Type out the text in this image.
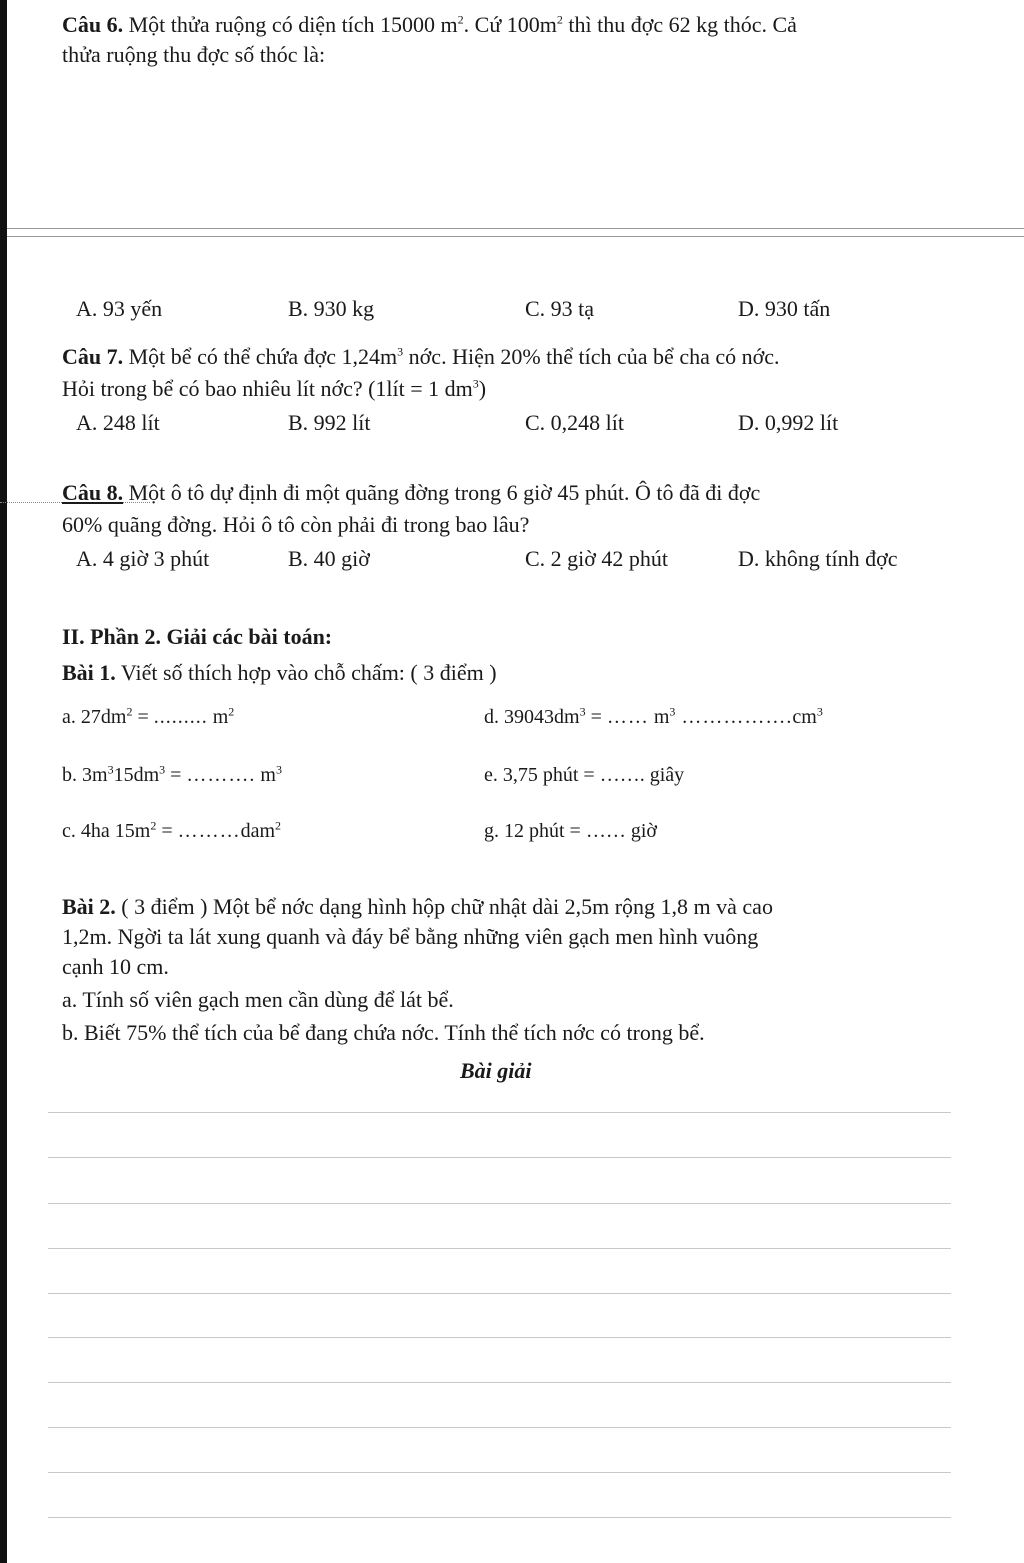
Câu 6. Một thửa ruộng có diện tích 15000 $m^2$. Cứ $100m^2$ thì thu đợc 62 kg thóc. Cả
thửa ruộng thu đợc số thóc là:
A. 93 yến	B. 930 kg	C. 93 tạ	D. 930 tấn
Câu 7. Một bể có thể chứa đợc $1,24m^3$ nớc. Hiện 20% thể tích của bể cha có nớc.
Hỏi trong bể có bao nhiêu lít nớc? (1lít = 1 $dm^3$)
A. 248 lít	B. 992 lít	C. 0,248 lít	D. 0,992 lít
Câu 8. Một ô tô dự định đi một quãng đờng trong 6 giờ 45 phút. Ô tô đã đi đợc
60% quãng đờng. Hỏi ô tô còn phải đi trong bao lâu?
A. 4 giờ 3 phút	B. 40 giờ	C. 2 giờ 42 phút	D. không tính đợc
II. Phần 2. Giải các bài toán:
Bài 1. Viết số thích hợp vào chỗ chấm: ( 3 điểm )
a. $27dm^2$ = ......... $m^2$	d. $39043dm^3$ = …… $m^3$ $\dots\dots\dots\dots\dots.cm^3$
b. $3m^315dm^3$ = ………. $m^3$	e. 3,75 phút = ……. giây
c. 4ha $15m^2$ = ………dam$^2$	g. 12 phút = …… giờ
Bài 2. ( 3 điểm ) Một bể nớc dạng hình hộp chữ nhật dài 2,5m rộng 1,8 m và cao
1,2m. Ngời ta lát xung quanh và đáy bể bằng những viên gạch men hình vuông
cạnh 10 cm.
a. Tính số viên gạch men cần dùng để lát bể.
b. Biết 75% thể tích của bể đang chứa nớc. Tính thể tích nớc có trong bể.
Bài giải
